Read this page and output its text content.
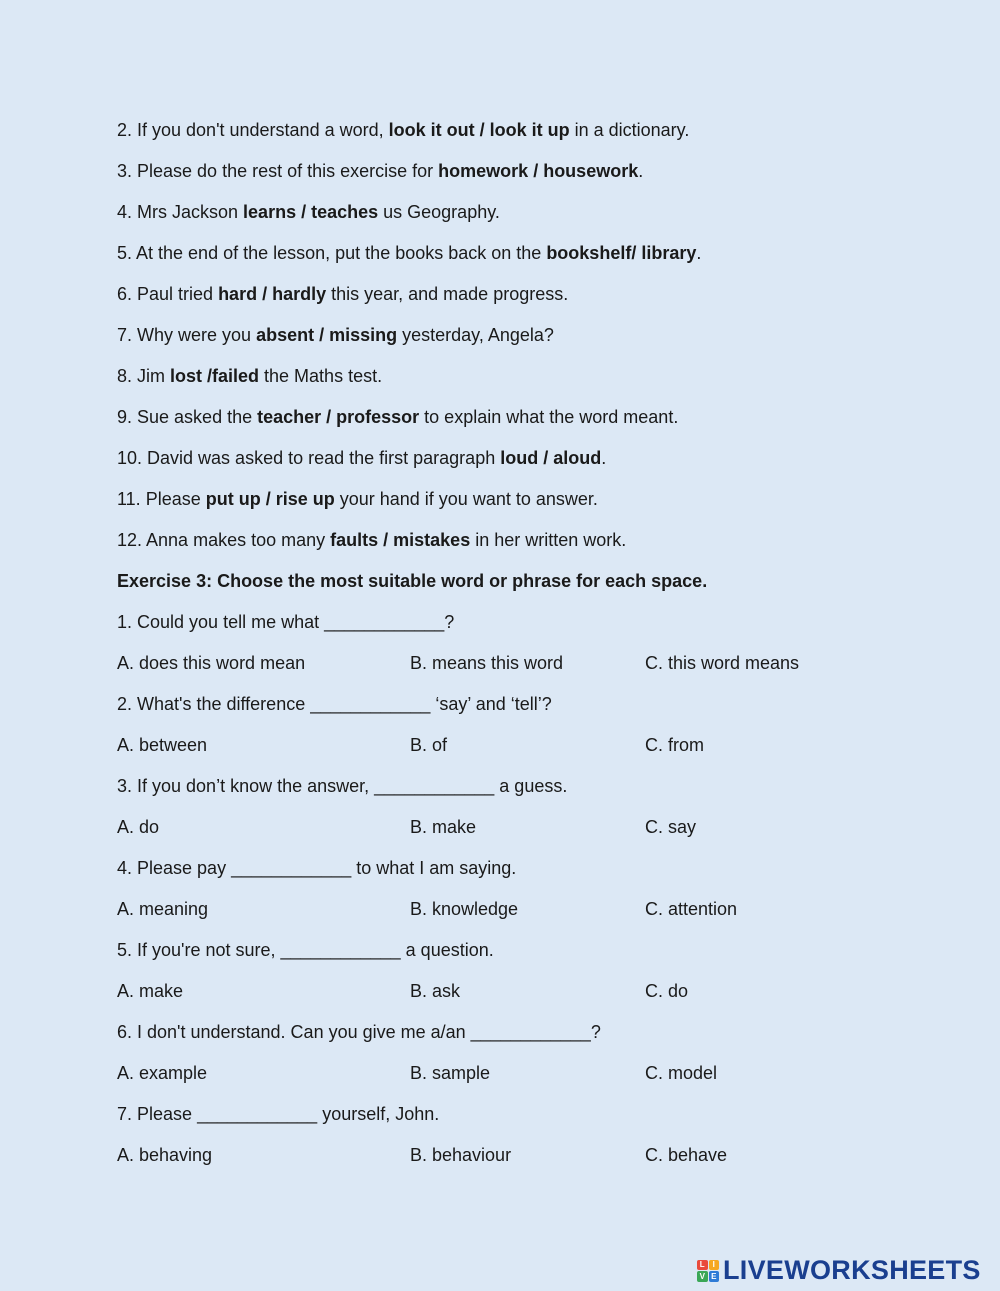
2. If you don't understand a word, look it out / look it up in a dictionary.
3. Please do the rest of this exercise for homework / housework.
4. Mrs Jackson learns / teaches us Geography.
5. At the end of the lesson, put the books back on the bookshelf/ library.
6. Paul tried hard / hardly this year, and made progress.
7. Why were you absent / missing yesterday, Angela?
8. Jim lost /failed the Maths test.
9. Sue asked the teacher / professor to explain what the word meant.
10. David was asked to read the first paragraph loud / aloud.
11. Please put up / rise up your hand if you want to answer.
12. Anna makes too many faults / mistakes in her written work.
Exercise 3: Choose the most suitable word or phrase for each space.
1. Could you tell me what ____________?
A. does this word mean	B. means this word	C. this word means
2. What's the difference ____________ ‘say’ and ‘tell’?
A. between	B. of	C. from
3. If you don’t know the answer, ____________ a guess.
A. do	B. make	C. say
4. Please pay ____________ to what I am saying.
A. meaning	B. knowledge	C. attention
5. If you're not sure, ____________ a question.
A. make	B. ask	C. do
6. I don't understand. Can you give me a/an ____________?
A. example	B. sample	C. model
7. Please ____________ yourself, John.
A. behaving	B. behaviour	C. behave
L I
V E LIVEWORKSHEETS
